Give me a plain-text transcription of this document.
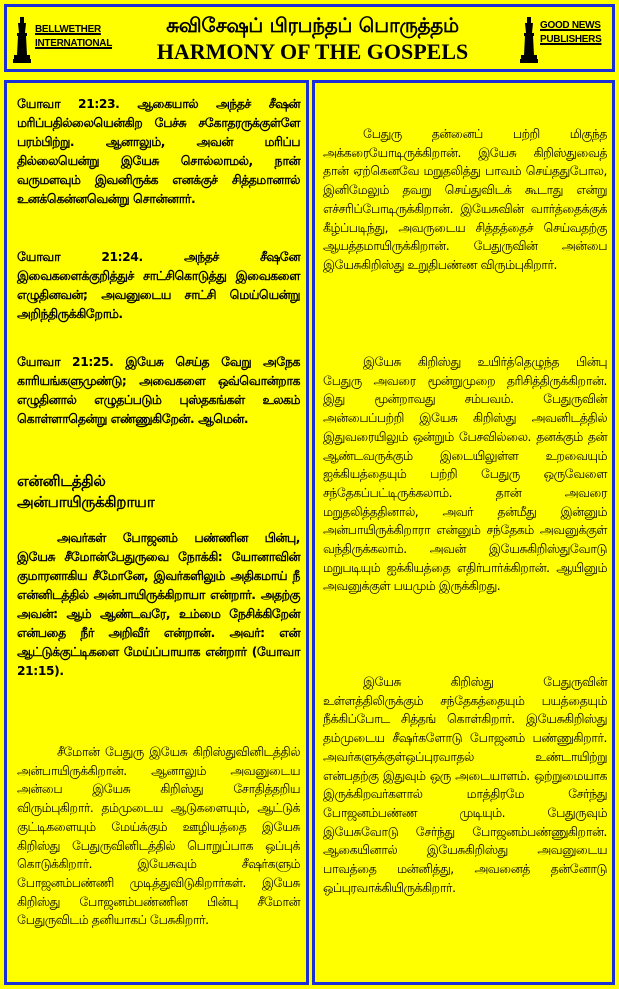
BELLWETHER
INTERNATIONAL
சுவிசேஷப் பிரபந்தப் பொருத்தம்
HARMONY OF THE GOSPELS
GOOD NEWS
PUBLISHERS

யோவா 21:23. ஆகையால் அந்தச் சீஷன் மரிப்பதில்லையென்கிற பேச்சு சகோதரருக்குள்ளே பரம்பிற்று. ஆனாலும், அவன் மரிப்ப தில்லையென்று இயேசு சொல்லாமல், நான் வருமளவும் இவனிருக்க எனக்குச் சித்தமானால் உனக்கென்னவென்று சொன்னார்.

யோவா 21:24. அந்தச் சீஷனே இவைகளைக்குறித்துச் சாட்சிகொடுத்து இவைகளை எழுதினவன்; அவனுடைய சாட்சி மெய்யென்று அறிந்திருக்கிறோம்.

யோவா 21:25. இயேசு செய்த வேறு அநேக காரியங்களுமுண்டு; அவைகளை ஒவ்வொன்றாக எழுதினால் எழுதப்படும் புஸ்தகங்கள் உலகம் கொள்ளாதென்று எண்ணுகிறேன். ஆமென்.

என்னிடத்தில்
அன்பாயிருக்கிறாயா

அவர்கள் போஜனம் பண்ணின பின்பு, இயேசு சீமோன்பேதுருவை நோக்கி: யோனாவின் குமாரனாகிய சீமோனே, இவர்களிலும் அதிகமாய் நீ என்னிடத்தில் அன்பாயிருக்கிறாயா என்றார். அதற்கு அவன்: ஆம் ஆண்டவரே, உம்மை நேசிக்கிறேன் என்பதை நீர் அறிவீர் என்றான். அவர்: என் ஆட்டுக்குட்டிகளை மேய்ப்பாயாக என்றார் (யோவா 21:15).

சீமோன் பேதுரு இயேசு கிறிஸ்துவினிடத்தில் அன்பாயிருக்கிறான். ஆனாலும் அவனுடைய அன்பை இயேசு கிறிஸ்து சோதித்தறிய விரும்புகிறார். தம்முடைய ஆடுகளையும், ஆட்டுக் குட்டிகளையும் மேய்க்கும் ஊழியத்தை இயேசு கிறிஸ்து பேதுருவினிடத்தில் பொறுப்பாக ஒப்புக் கொடுக்கிறார். இயேசுவும் சீஷர்களும் போஜனம்பண்ணி முடித்துவிடுகிறார்கள். இயேசு கிறிஸ்து போஜனம்பண்ணின பின்பு சீமோன் பேதுருவிடம் தனியாகப் பேசுகிறார்.

பேதுரு தன்னைப் பற்றி மிகுந்த அக்கரையோடிருக்கிறான். இயேசு கிறிஸ்துவைத் தான் ஏற்கெனவே மறுதலித்து பாவம் செய்ததுபோல, இனிமேலும் தவறு செய்துவிடக் கூடாது என்று எச்சரிப்போடிருக்கிறான். இயேசுவின் வார்த்தைக்குக் கீழ்ப்படிந்து, அவருடைய சித்தத்தைச் செய்வதற்கு ஆயத்தமாயிருக்கிறான். பேதுருவின் அன்பை இயேசுகிறிஸ்து உறுதிபண்ண விரும்புகிறார்.

இயேசு கிறிஸ்து உயிர்த்தெழுந்த பின்பு பேதுரு அவரை மூன்றுமுறை தரிசித்திருக்கிறான். இது மூன்றாவது சம்பவம். பேதுருவின் அன்பைப்பற்றி இயேசு கிறிஸ்து அவனிடத்தில் இதுவரையிலும் ஒன்றும் பேசவில்லை. தனக்கும் தன் ஆண்டவருக்கும் இடையிலுள்ள உறவையும் ஐக்கியத்தையும் பற்றி பேதுரு ஒருவேளை சந்தேகப்பட்டிருக்கலாம். தான் அவரை மறுதலித்ததினால், அவர் தன்மீது இன்னும் அன்பாயிருக்கிறாரா என்னும் சந்தேகம் அவனுக்குள் வந்திருக்கலாம். அவன் இயேசுகிறிஸ்துவோடு மறுபடியும் ஐக்கியத்தை எதிர்பார்க்கிறான். ஆயினும் அவனுக்குள் பயமும் இருக்கிறது.

இயேசு கிறிஸ்து பேதுருவின் உள்ளத்திலிருக்கும் சந்தேகத்தையும் பயத்தையும் நீக்கிப்போட சித்தங் கொள்கிறார். இயேசுகிறிஸ்து தம்முடைய சீஷர்களோடு போஜனம் பண்ணுகிறார். அவர்களுக்குள்ஒப்புரவாதல் உண்டாயிற்று என்பதற்கு இதுவும் ஒரு அடையாளம். ஒற்றுமையாக இருக்கிறவர்களால் மாத்திரமே சேர்ந்து போஜனம்பண்ண முடியும். பேதுருவும் இயேசுவோடு சேர்ந்து போஜனம்பண்ணுகிறான். ஆகையினால் இயேசுகிறிஸ்து அவனுடைய பாவத்தை மன்னித்து, அவனைத் தன்னோடு ஒப்புரவாக்கியிருக்கிறார்.
